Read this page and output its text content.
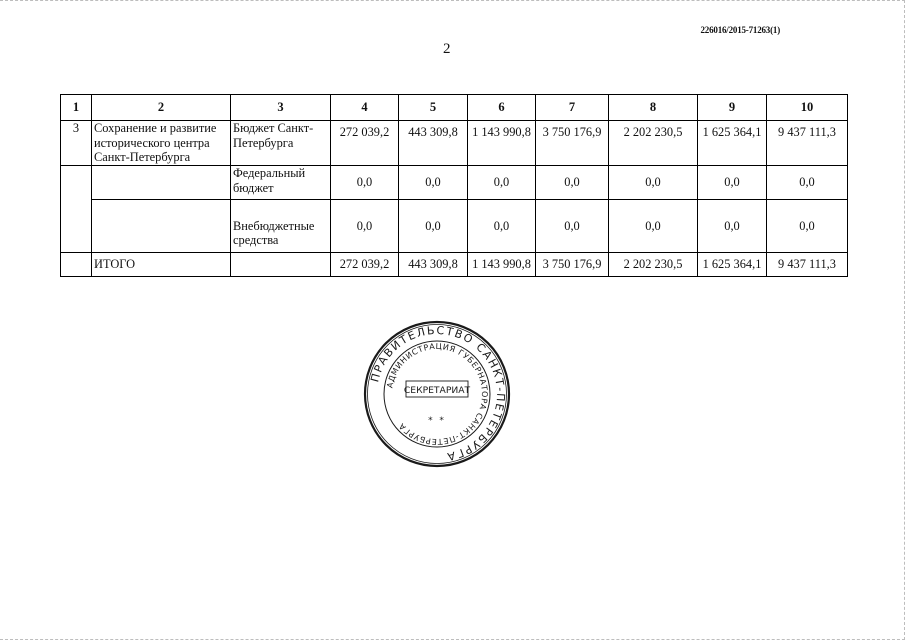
226016/2015-71263(1)
2
1	2	3	4	5	6	7	8	9	10
3	Сохранение и развитие исторического центра Санкт-Петербурга	Бюджет Санкт-Петербурга	272 039,2	443 309,8	1 143 990,8	3 750 176,9	2 202 230,5	1 625 364,1	9 437 111,3
		Федеральный бюджет	0,0	0,0	0,0	0,0	0,0	0,0	0,0
		Внебюджетные средства	0,0	0,0	0,0	0,0	0,0	0,0	0,0
	ИТОГО		272 039,2	443 309,8	1 143 990,8	3 750 176,9	2 202 230,5	1 625 364,1	9 437 111,3
ПРАВИТЕЛЬСТВО САНКТ-ПЕТЕРБУРГА
АДМИНИСТРАЦИЯ ГУБЕРНАТОРА САНКТ-ПЕТЕРБУРГА
СЕКРЕТАРИАТ
* *
